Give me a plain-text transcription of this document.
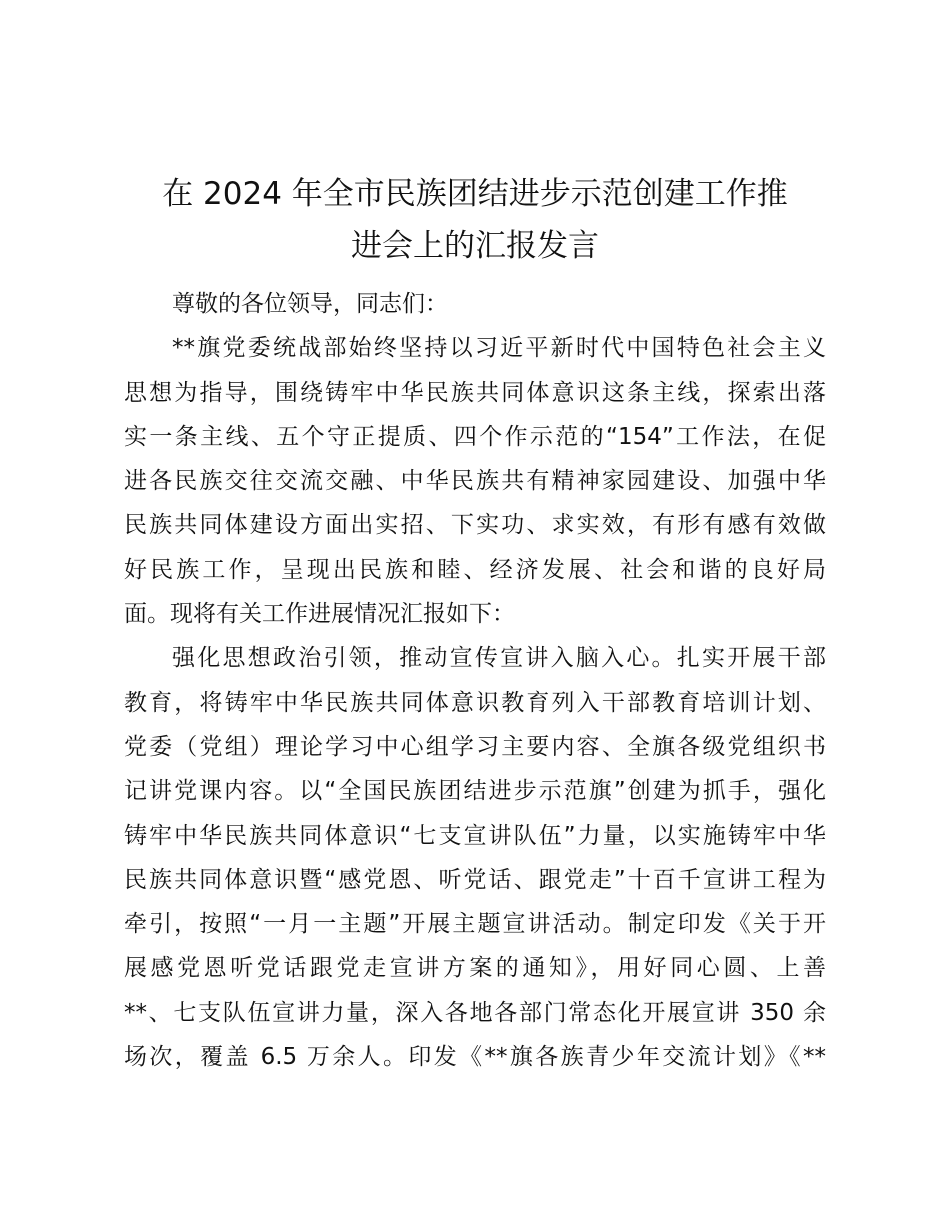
在 2024 年全市民族团结进步示范创建工作推
进会上的汇报发言
尊敬的各位领导，同志们：
**旗党委统战部始终坚持以习近平新时代中国特色社会主义
思想为指导，围绕铸牢中华民族共同体意识这条主线，探索出落
实一条主线、五个守正提质、四个作示范的“154”工作法，在促
进各民族交往交流交融、中华民族共有精神家园建设、加强中华
民族共同体建设方面出实招、下实功、求实效，有形有感有效做
好民族工作，呈现出民族和睦、经济发展、社会和谐的良好局
面。现将有关工作进展情况汇报如下：
强化思想政治引领，推动宣传宣讲入脑入心。扎实开展干部
教育，将铸牢中华民族共同体意识教育列入干部教育培训计划、
党委（党组）理论学习中心组学习主要内容、全旗各级党组织书
记讲党课内容。以“全国民族团结进步示范旗”创建为抓手，强化
铸牢中华民族共同体意识“七支宣讲队伍”力量，以实施铸牢中华
民族共同体意识暨“感党恩、听党话、跟党走”十百千宣讲工程为
牵引，按照“一月一主题”开展主题宣讲活动。制定印发《关于开
展感党恩听党话跟党走宣讲方案的通知》，用好同心圆、上善
**、七支队伍宣讲力量，深入各地各部门常态化开展宣讲 350 余
场次，覆盖 6.5 万余人。印发《**旗各族青少年交流计划》《**
